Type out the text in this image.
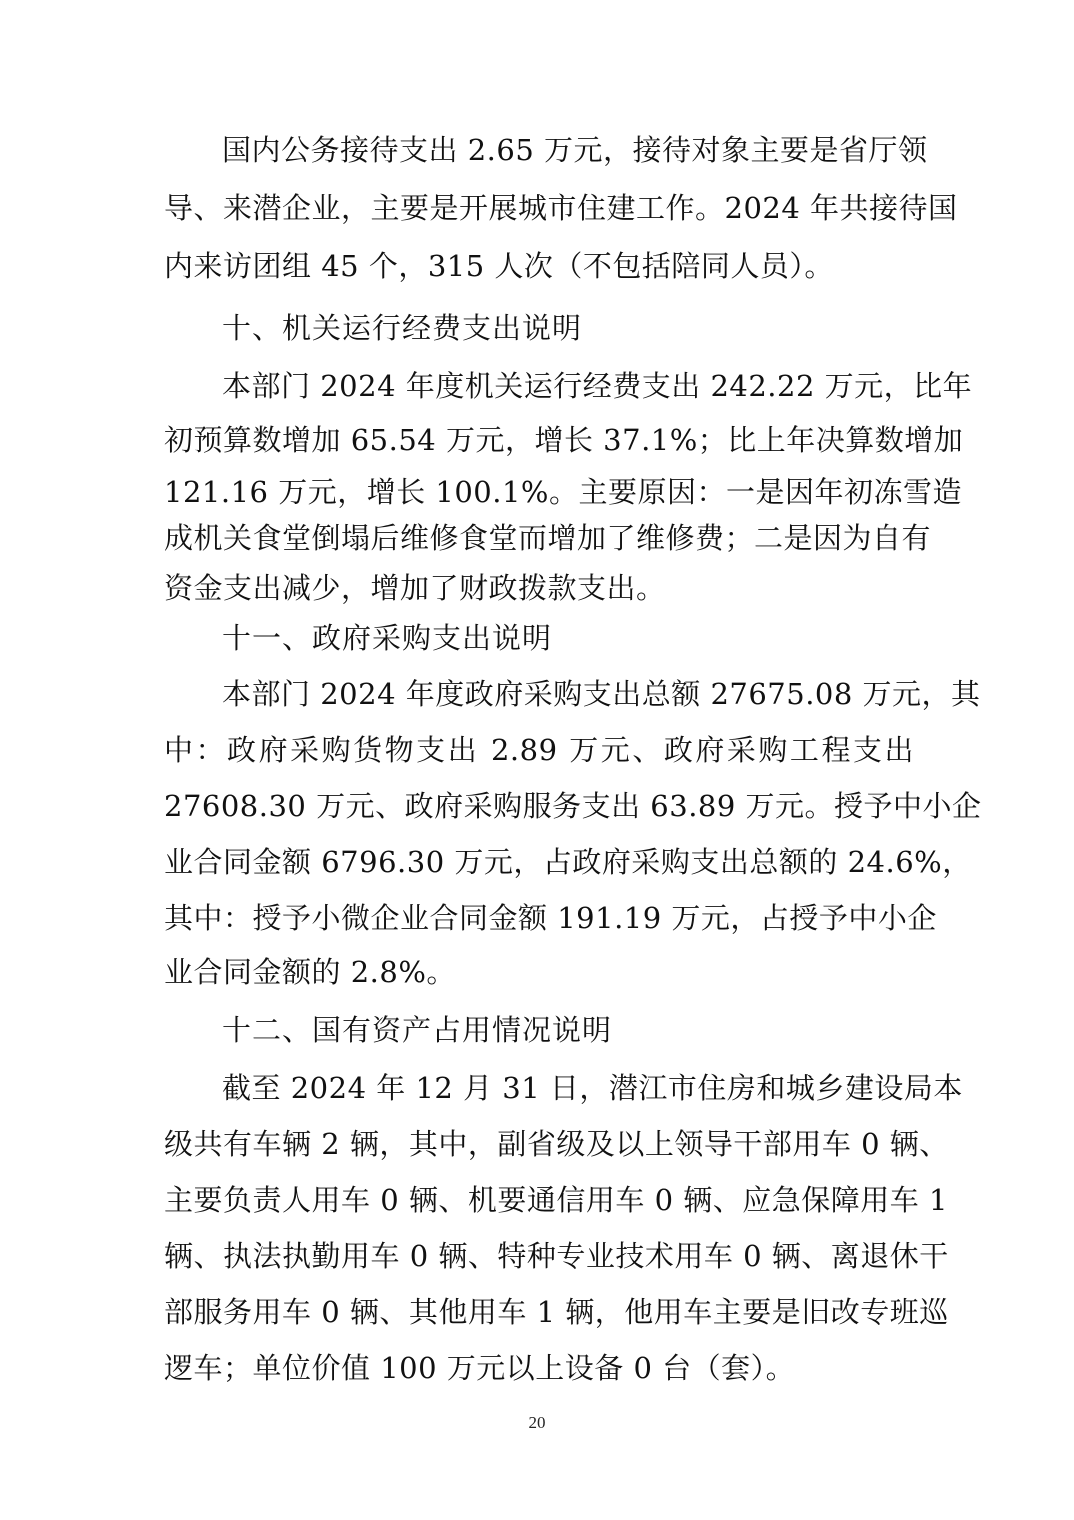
国内公务接待支出 2.65 万元，接待对象主要是省厅领
导、来潜企业，主要是开展城市住建工作。2024 年共接待国
内来访团组 45 个，315 人次（不包括陪同人员）。
十、机关运行经费支出说明
本部门 2024 年度机关运行经费支出 242.22 万元，比年
初预算数增加 65.54 万元，增长 37.1%；比上年决算数增加
121.16 万元，增长 100.1%。主要原因：一是因年初冻雪造
成机关食堂倒塌后维修食堂而增加了维修费；二是因为自有
资金支出减少，增加了财政拨款支出。
十一、政府采购支出说明
本部门 2024 年度政府采购支出总额 27675.08 万元，其
中：政府采购货物支出 2.89 万元、政府采购工程支出
27608.30 万元、政府采购服务支出 63.89 万元。授予中小企
业合同金额 6796.30 万元，占政府采购支出总额的 24.6%，
其中：授予小微企业合同金额 191.19 万元，占授予中小企
业合同金额的 2.8%。
十二、国有资产占用情况说明
截至 2024 年 12 月 31 日，潜江市住房和城乡建设局本
级共有车辆 2 辆，其中，副省级及以上领导干部用车 0 辆、
主要负责人用车 0 辆、机要通信用车 0 辆、应急保障用车 1
辆、执法执勤用车 0 辆、特种专业技术用车 0 辆、离退休干
部服务用车 0 辆、其他用车 1 辆，他用车主要是旧改专班巡
逻车；单位价值 100 万元以上设备 0 台（套）。
20
